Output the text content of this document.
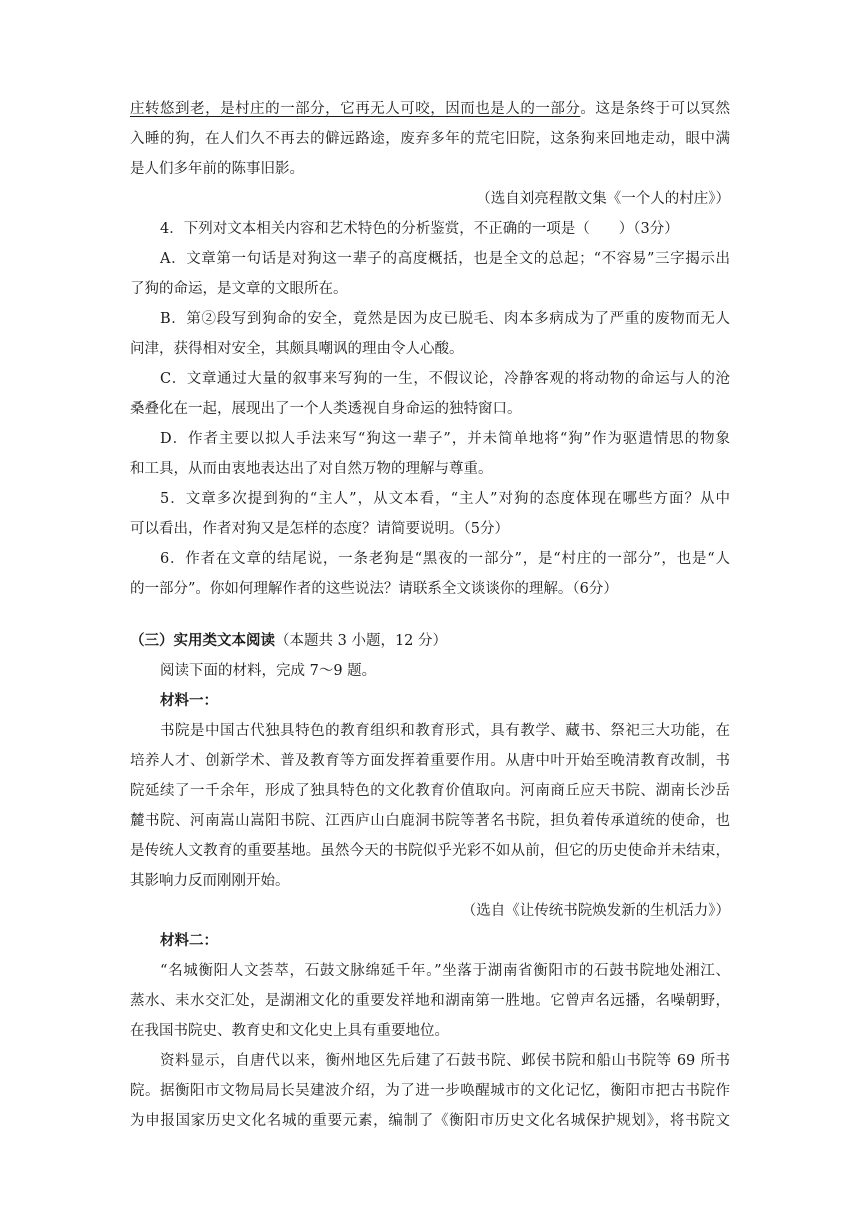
庄转悠到老，是村庄的一部分，它再无人可咬，因而也是人的一部分。这是条终于可以冥然
入睡的狗，在人们久不再去的僻远路途，废弃多年的荒宅旧院，这条狗来回地走动，眼中满
是人们多年前的陈事旧影。
（选自刘亮程散文集《一个人的村庄》）
4．下列对文本相关内容和艺术特色的分析鉴赏，不正确的一项是（　　）（3分）
A．文章第一句话是对狗这一辈子的高度概括，也是全文的总起；“不容易”三字揭示出
了狗的命运，是文章的文眼所在。
B．第②段写到狗命的安全，竟然是因为皮已脱毛、肉本多病成为了严重的废物而无人
问津，获得相对安全，其颇具嘲讽的理由令人心酸。
C．文章通过大量的叙事来写狗的一生，不假议论，冷静客观的将动物的命运与人的沧
桑叠化在一起，展现出了一个人类透视自身命运的独特窗口。
D．作者主要以拟人手法来写“狗这一辈子”，并未简单地将“狗”作为驱遣情思的物象
和工具，从而由衷地表达出了对自然万物的理解与尊重。
5．文章多次提到狗的“主人”，从文本看，“主人”对狗的态度体现在哪些方面？从中
可以看出，作者对狗又是怎样的态度？请简要说明。（5分）
6．作者在文章的结尾说，一条老狗是“黑夜的一部分”，是“村庄的一部分”，也是“人
的一部分”。你如何理解作者的这些说法？请联系全文谈谈你的理解。（6分）
（三）实用类文本阅读（本题共 3 小题，12 分）
阅读下面的材料，完成 7～9 题。
材料一：
书院是中国古代独具特色的教育组织和教育形式，具有教学、藏书、祭祀三大功能，在
培养人才、创新学术、普及教育等方面发挥着重要作用。从唐中叶开始至晚清教育改制，书
院延续了一千余年，形成了独具特色的文化教育价值取向。河南商丘应天书院、湖南长沙岳
麓书院、河南嵩山嵩阳书院、江西庐山白鹿洞书院等著名书院，担负着传承道统的使命，也
是传统人文教育的重要基地。虽然今天的书院似乎光彩不如从前，但它的历史使命并未结束，
其影响力反而刚刚开始。
（选自《让传统书院焕发新的生机活力》）
材料二：
“名城衡阳人文荟萃，石鼓文脉绵延千年。”坐落于湖南省衡阳市的石鼓书院地处湘江、
蒸水、耒水交汇处，是湖湘文化的重要发祥地和湖南第一胜地。它曾声名远播，名噪朝野，
在我国书院史、教育史和文化史上具有重要地位。
资料显示，自唐代以来，衡州地区先后建了石鼓书院、邺侯书院和船山书院等 69 所书
院。据衡阳市文物局局长吴建波介绍，为了进一步唤醒城市的文化记忆，衡阳市把古书院作
为申报国家历史文化名城的重要元素，编制了《衡阳市历史文化名城保护规划》，将书院文
